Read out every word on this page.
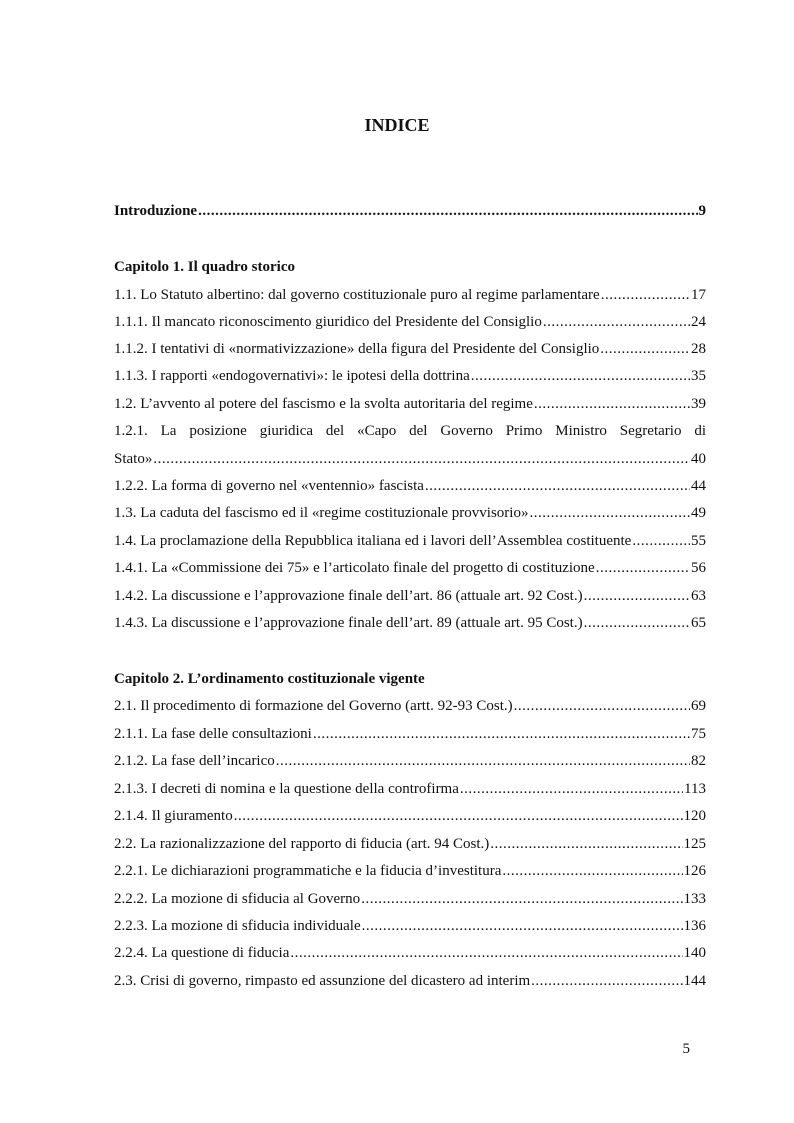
INDICE
Introduzione .....	9
Capitolo 1. Il quadro storico
1.1. Lo Statuto albertino: dal governo costituzionale puro al regime parlamentare .....	17
1.1.1. Il mancato riconoscimento giuridico del Presidente del Consiglio .....	24
1.1.2. I tentativi di «normativizzazione» della figura del Presidente del Consiglio .....	28
1.1.3. I rapporti «endogovernativi»: le ipotesi della dottrina .....	35
1.2. L’avvento al potere del fascismo e la svolta autoritaria del regime .....	39
1.2.1. La posizione giuridica del «Capo del Governo Primo Ministro Segretario di
Stato» .....	40
1.2.2. La forma di governo nel «ventennio» fascista .....	44
1.3. La caduta del fascismo ed il «regime costituzionale provvisorio» .....	49
1.4. La proclamazione della Repubblica italiana ed i lavori dell’Assemblea costituente .....	55
1.4.1. La «Commissione dei 75» e l’articolato finale del progetto di costituzione .....	56
1.4.2. La discussione e l’approvazione finale dell’art. 86 (attuale art. 92 Cost.) .....	63
1.4.3. La discussione e l’approvazione finale dell’art. 89 (attuale art. 95 Cost.) .....	65
Capitolo 2. L’ordinamento costituzionale vigente
2.1. Il procedimento di formazione del Governo (artt. 92-93 Cost.) .....	69
2.1.1. La fase delle consultazioni .....	75
2.1.2. La fase dell’incarico .....	82
2.1.3. I decreti di nomina e la questione della controfirma .....	113
2.1.4. Il giuramento .....	120
2.2. La razionalizzazione del rapporto di fiducia (art. 94 Cost.) .....	125
2.2.1. Le dichiarazioni programmatiche e la fiducia d’investitura .....	126
2.2.2. La mozione di sfiducia al Governo .....	133
2.2.3. La mozione di sfiducia individuale .....	136
2.2.4. La questione di fiducia .....	140
2.3. Crisi di governo, rimpasto ed assunzione del dicastero ad interim .....	144
5
